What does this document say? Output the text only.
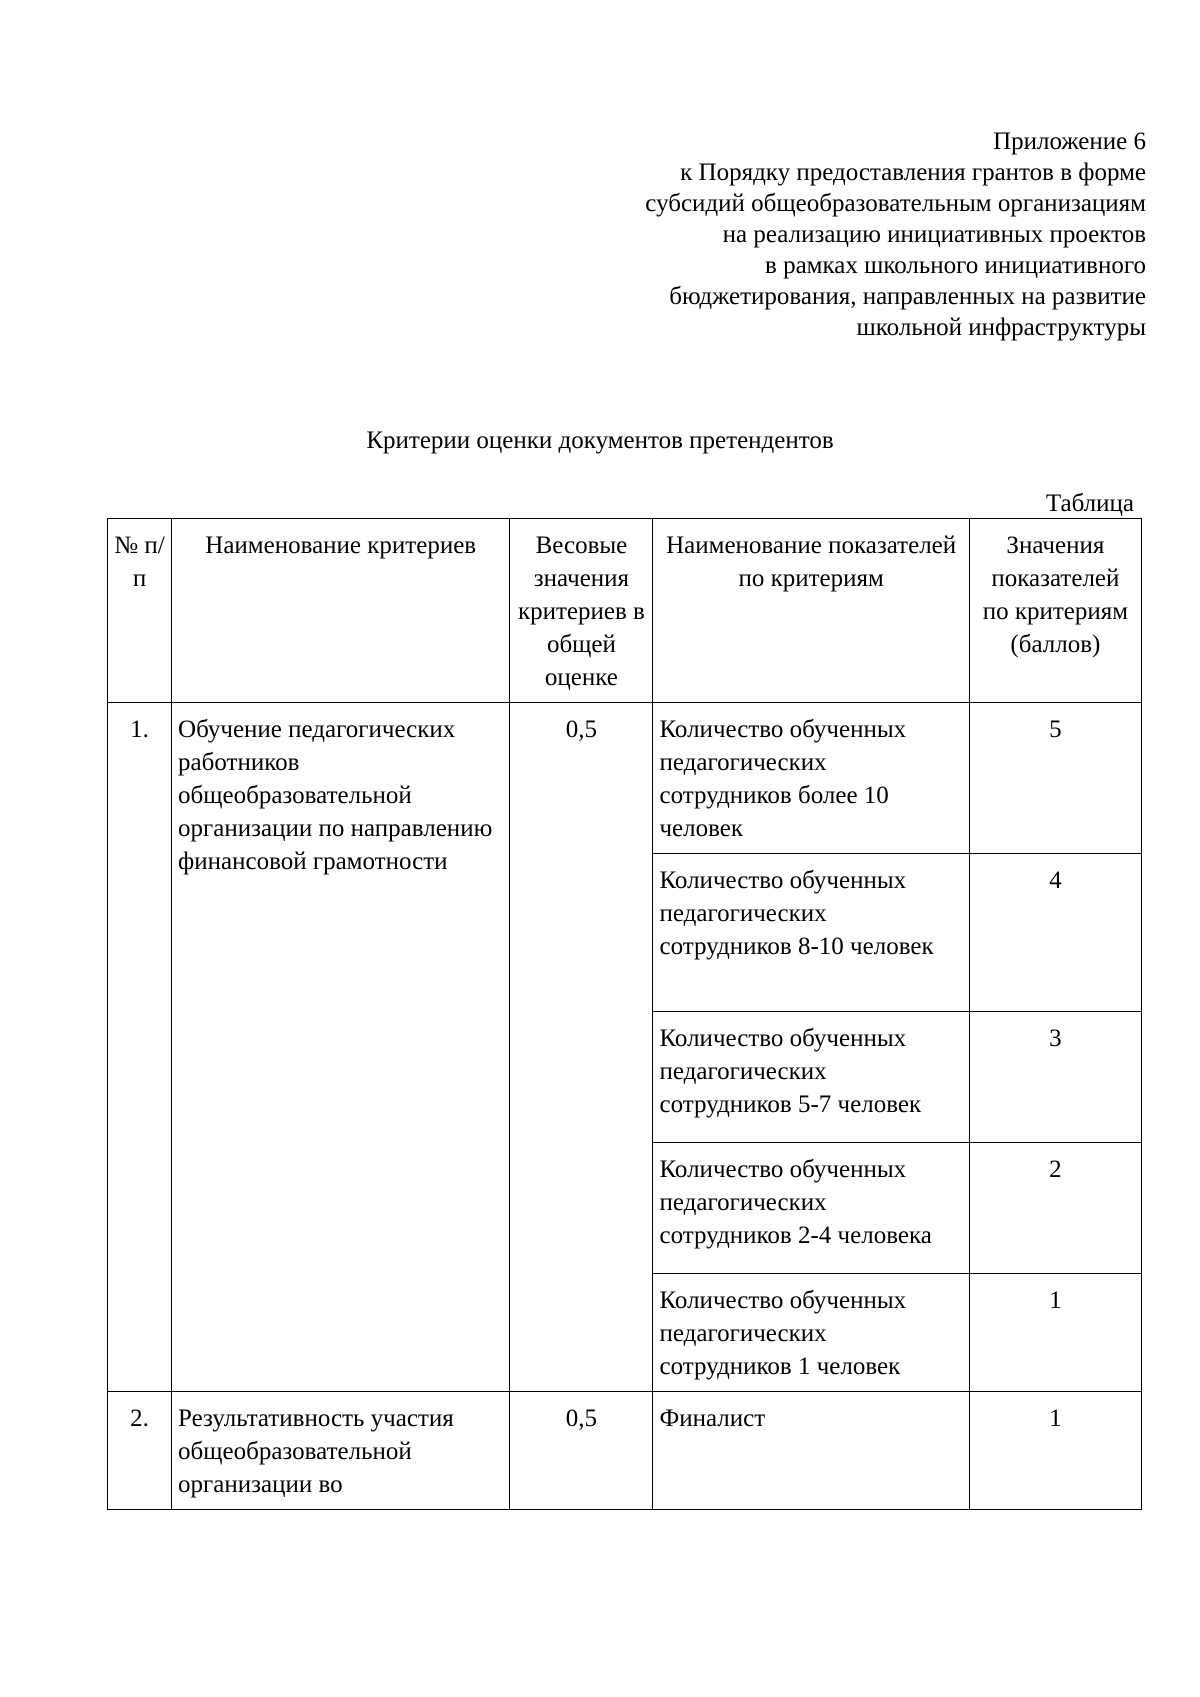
Приложение 6
к Порядку предоставления грантов в форме
субсидий общеобразовательным организациям
на реализацию инициативных проектов
в рамках школьного инициативного
бюджетирования, направленных на развитие
школьной инфраструктуры
Критерии оценки документов претендентов
Таблица
№ п/п	Наименование критериев	Весовые значения критериев в общей оценке	Наименование показателей по критериям	Значения показателей по критериям (баллов)
1.	Обучение педагогических работников общеобразовательной организации по направлению финансовой грамотности	0,5	Количество обученных педагогических сотрудников более 10 человек	5
			Количество обученных педагогических сотрудников 8-10 человек	4
			Количество обученных педагогических сотрудников 5-7 человек	3
			Количество обученных педагогических сотрудников 2-4 человека	2
			Количество обученных педагогических сотрудников 1 человек	1
2.	Результативность участия общеобразовательной организации во	0,5	Финалист	1
